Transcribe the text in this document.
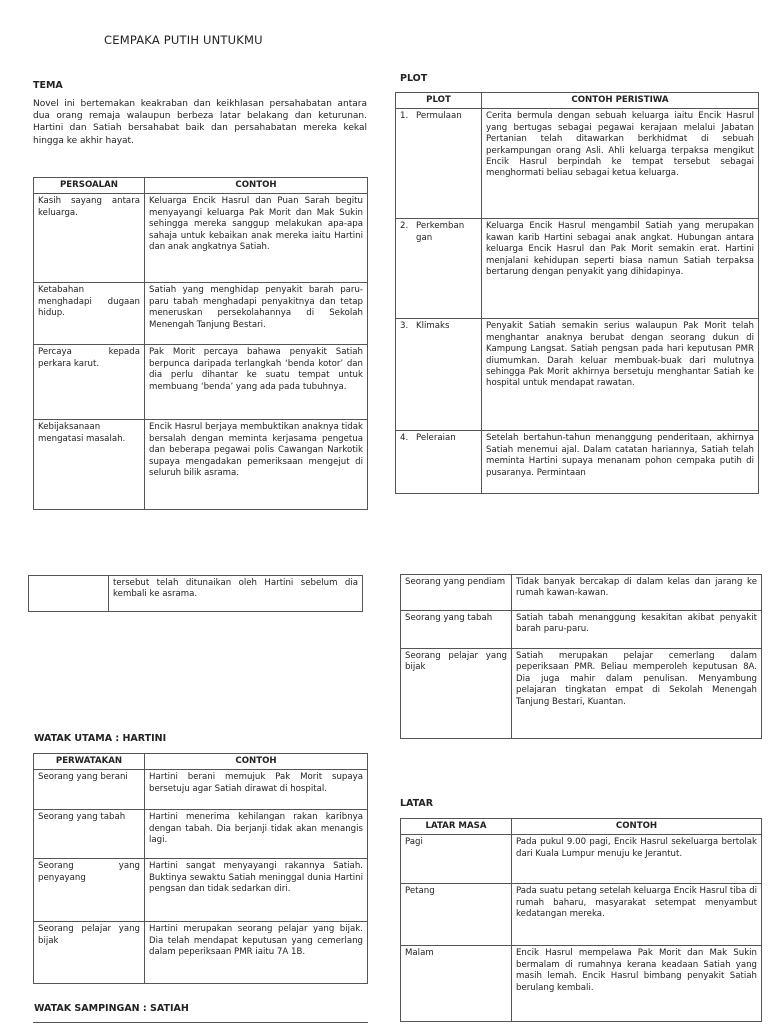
CEMPAKA PUTIH UNTUKMU
TEMA
Novel ini bertemakan keakraban dan keikhlasan persahabatan antara dua orang remaja walaupun berbeza latar belakang dan keturunan. Hartini dan Satiah bersahabat baik dan persahabatan mereka kekal hingga ke akhir hayat.
PERSOALAN	CONTOH
Kasih sayang antara keluarga.	Keluarga Encik Hasrul dan Puan Sarah begitu menyayangi keluarga Pak Morit dan Mak Sukin sehingga mereka sanggup melakukan apa-apa sahaja untuk kebaikan anak mereka iaitu Hartini dan anak angkatnya Satiah.
Ketabahan menghadapi dugaan hidup.	Satiah yang menghidap penyakit barah paru-paru tabah menghadapi penyakitnya dan tetap meneruskan persekolahannya di Sekolah Menengah Tanjung Bestari.
Percaya kepada perkara karut.	Pak Morit percaya bahawa penyakit Satiah berpunca daripada terlangkah ‘benda kotor’ dan dia perlu dihantar ke suatu tempat untuk membuang ‘benda’ yang ada pada tubuhnya.
Kebijaksanaan mengatasi masalah.	Encik Hasrul berjaya membuktikan anaknya tidak bersalah dengan meminta kerjasama pengetua dan beberapa pegawai polis Cawangan Narkotik supaya mengadakan pemeriksaan mengejut di seluruh bilik asrama.
PLOT
PLOT	CONTOH PERISTIWA

1. Permulaan	Cerita bermula dengan sebuah keluarga iaitu Encik Hasrul yang bertugas sebagai pegawai kerajaan melalui Jabatan Pertanian telah ditawarkan berkhidmat di sebuah perkampungan orang Asli. Ahli keluarga terpaksa mengikut Encik Hasrul berpindah ke tempat tersebut sebagai menghormati beliau sebagai ketua keluarga.

2. Perkemban gan	Keluarga Encik Hasrul mengambil Satiah yang merupakan kawan karib Hartini sebagai anak angkat. Hubungan antara keluarga Encik Hasrul dan Pak Morit semakin erat. Hartini menjalani kehidupan seperti biasa namun Satiah terpaksa bertarung dengan penyakit yang dihidapinya.

3. Klimaks	Penyakit Satiah semakin serius walaupun Pak Morit telah menghantar anaknya berubat dengan seorang dukun di Kampung Langsat. Satiah pengsan pada hari keputusan PMR diumumkan. Darah keluar membuak-buak dari mulutnya sehingga Pak Morit akhirnya bersetuju menghantar Satiah ke hospital untuk mendapat rawatan.

4. Peleraian	Setelah bertahun-tahun menanggung penderitaan, akhirnya Satiah menemui ajal. Dalam catatan hariannya, Satiah telah meminta Hartini supaya menanam pohon cempaka putih di pusaranya. Permintaan
	tersebut telah ditunaikan oleh Hartini sebelum dia kembali ke asrama.
WATAK UTAMA : HARTINI
PERWATAKAN	CONTOH
Seorang yang berani	Hartini berani memujuk Pak Morit supaya bersetuju agar Satiah dirawat di hospital.
Seorang yang tabah	Hartini menerima kehilangan rakan karibnya dengan tabah. Dia berjanji tidak akan menangis lagi.
Seorang yang penyayang	Hartini sangat menyayangi rakannya Satiah. Buktinya sewaktu Satiah meninggal dunia Hartini pengsan dan tidak sedarkan diri.
Seorang pelajar yang bijak	Hartini merupakan seorang pelajar yang bijak. Dia telah mendapat keputusan yang cemerlang dalam peperiksaan PMR iaitu 7A 1B.
WATAK SAMPINGAN : SATIAH
Seorang yang pendiam	Tidak banyak bercakap di dalam kelas dan jarang ke rumah kawan-kawan.
Seorang yang tabah	Satiah tabah menanggung kesakitan akibat penyakit barah paru-paru.
Seorang pelajar yang bijak	Satiah merupakan pelajar cemerlang dalam peperiksaan PMR. Beliau memperoleh keputusan 8A. Dia juga mahir dalam penulisan. Menyambung pelajaran tingkatan empat di Sekolah Menengah Tanjung Bestari, Kuantan.
LATAR
LATAR MASA	CONTOH
Pagi	Pada pukul 9.00 pagi, Encik Hasrul sekeluarga bertolak dari Kuala Lumpur menuju ke Jerantut.
Petang	Pada suatu petang setelah keluarga Encik Hasrul tiba di rumah baharu, masyarakat setempat menyambut kedatangan mereka.
Malam	Encik Hasrul mempelawa Pak Morit dan Mak Sukin bermalam di rumahnya kerana keadaan Satiah yang masih lemah. Encik Hasrul bimbang penyakit Satiah berulang kembali.
